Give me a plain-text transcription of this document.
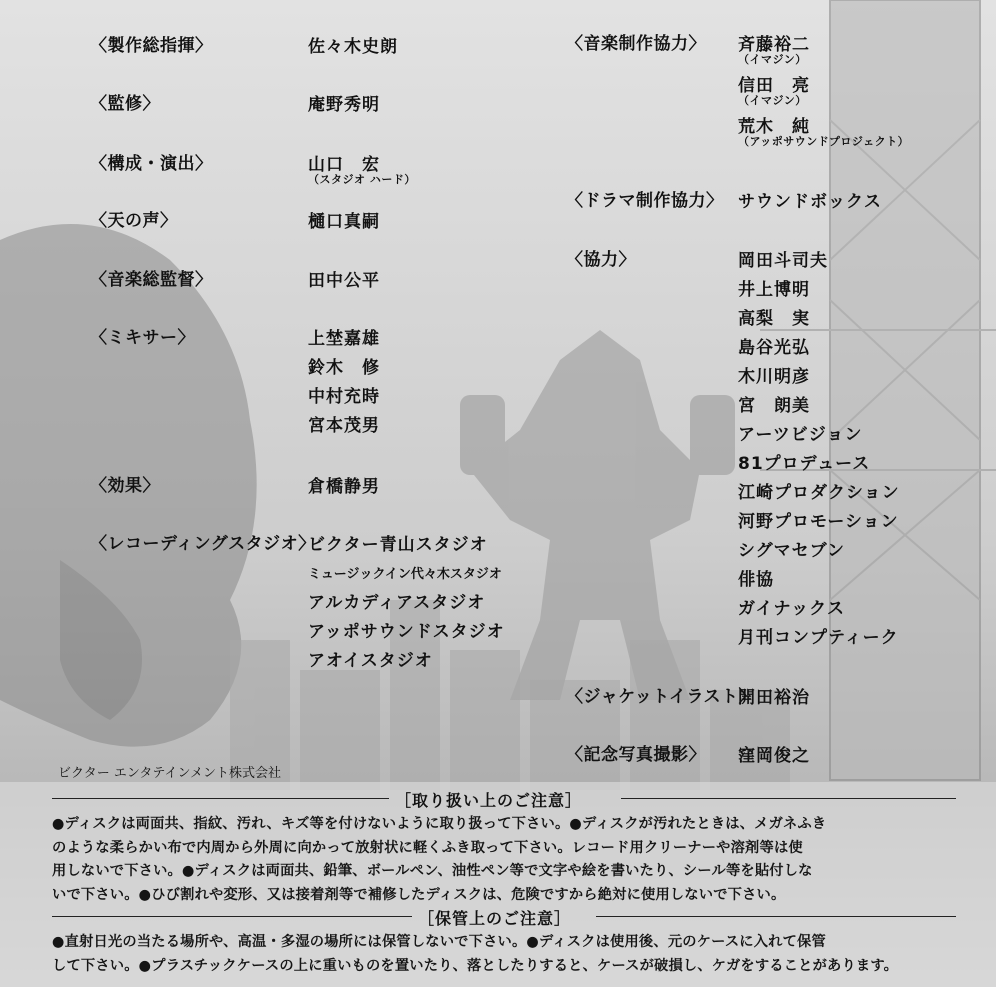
〈製作総指揮〉	佐々木史朗
〈監修〉	庵野秀明
〈構成・演出〉	山口　宏
（スタジオ ハード）
〈天の声〉	樋口真嗣
〈音楽総監督〉	田中公平
〈ミキサー〉	上埜嘉雄
鈴木　修
中村充時
宮本茂男
〈効果〉	倉橋静男
〈レコーディングスタジオ〉
ビクター青山スタジオ
ミュージックイン代々木スタジオ
アルカディアスタジオ
アッポサウンドスタジオ
アオイスタジオ
〈音楽制作協力〉 斉藤裕二
（イマジン）
信田　亮
（イマジン）
荒木　純
（アッポサウンドプロジェクト）
〈ドラマ制作協力〉 サウンドボックス
〈協力〉	岡田斗司夫
井上博明
高梨　実
島谷光弘
木川明彦
宮　朗美
アーツビジョン
81プロデュース
江崎プロダクション
河野プロモーション
シグマセブン
俳協
ガイナックス
月刊コンプティーク
〈ジャケットイラスト〉
開田裕治
〈記念写真撮影〉 窪岡俊之
ビクター エンタテインメント株式会社
［取り扱い上のご注意］
●ディスクは両面共、指紋、汚れ、キズ等を付けないように取り扱って下さい。●ディスクが汚れたときは、メガネふき
のような柔らかい布で内周から外周に向かって放射状に軽くふき取って下さい。レコード用クリーナーや溶剤等は使
用しないで下さい。●ディスクは両面共、鉛筆、ボールペン、油性ペン等で文字や絵を書いたり、シール等を貼付しな
いで下さい。●ひび割れや変形、又は接着剤等で補修したディスクは、危険ですから絶対に使用しないで下さい。
［保管上のご注意］
●直射日光の当たる場所や、高温・多湿の場所には保管しないで下さい。●ディスクは使用後、元のケースに入れて保管
して下さい。●プラスチックケースの上に重いものを置いたり、落としたりすると、ケースが破損し、ケガをすることがあります。
